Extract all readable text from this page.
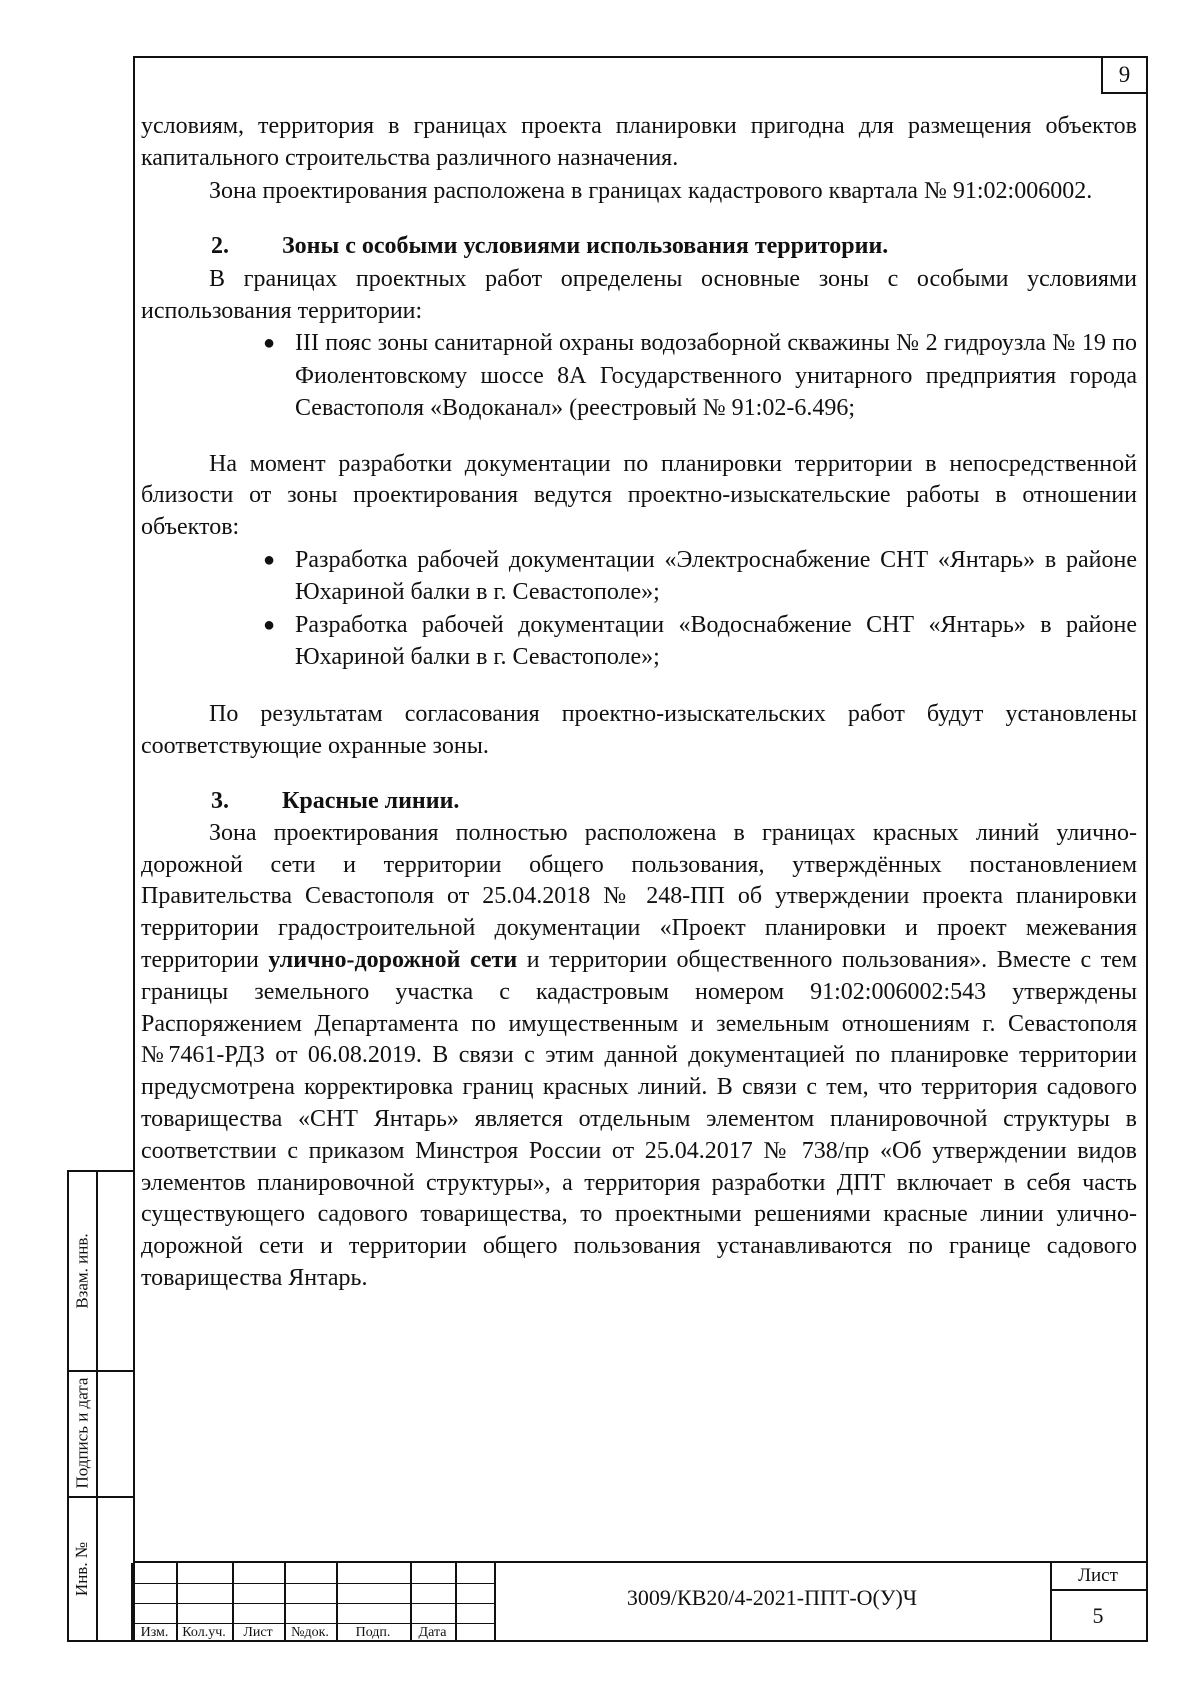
9

условиям, территория в границах проекта планировки пригодна для размещения объектов капитального строительства различного назначения.

Зона проектирования расположена в границах кадастрового квартала № 91:02:006002.

2.	Зоны с особыми условиями использования территории.

В границах проектных работ определены основные зоны с особыми условиями использования территории:

● III пояс зоны санитарной охраны водозаборной скважины № 2 гидроузла № 19 по Фиолентовскому шоссе 8А Государственного унитарного предприятия города Севастополя «Водоканал» (реестровый № 91:02-6.496;

На момент разработки документации по планировки территории в непосредственной близости от зоны проектирования ведутся проектно-изыскательские работы в отношении объектов:

● Разработка рабочей документации «Электроснабжение СНТ «Янтарь» в районе Юхариной балки в г. Севастополе»;
● Разработка рабочей документации «Водоснабжение СНТ «Янтарь» в районе Юхариной балки в г. Севастополе»;

По результатам согласования проектно-изыскательских работ будут установлены соответствующие охранные зоны.

3.	Красные линии.

Зона проектирования полностью расположена в границах красных линий улично-дорожной сети и территории общего пользования, утверждённых постановлением Правительства Севастополя от 25.04.2018 № 248-ПП об утверждении проекта планировки территории градостроительной документации «Проект планировки и проект межевания территории улично-дорожной сети и территории общественного пользования». Вместе с тем границы земельного участка с кадастровым номером 91:02:006002:543 утверждены Распоряжением Департамента по имущественным и земельным отношениям г. Севастополя №7461-РДЗ от 06.08.2019. В связи с этим данной документацией по планировке территории предусмотрена корректировка границ красных линий. В связи с тем, что территория садового товарищества «СНТ Янтарь» является отдельным элементом планировочной структуры в соответствии с приказом Минстроя России от 25.04.2017 № 738/пр «Об утверждении видов элементов планировочной структуры», а территория разработки ДПТ включает в себя часть существующего садового товарищества, то проектными решениями красные линии улично-дорожной сети и территории общего пользования устанавливаются по границе садового товарищества Янтарь.

Взам. инв.
Подпись и дата
Инв. №
Изм. Кол.уч.	Лист	№док.	Подп.	Дата
3009/КВ20/4-2021-ППТ-О(У)Ч
Лист
5
